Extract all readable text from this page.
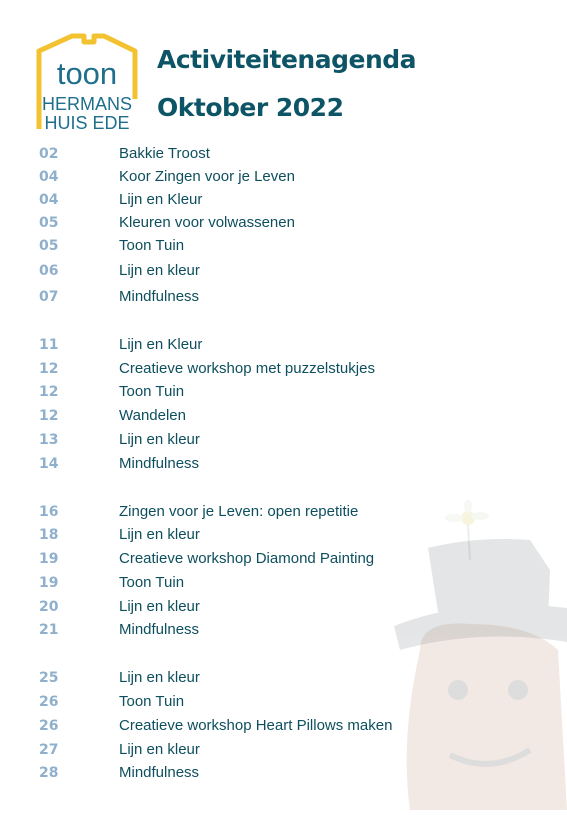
toon
HERMANS
HUIS EDE
Activiteitenagenda
Oktober 2022
02	Bakkie Troost
04	Koor Zingen voor je Leven
04	Lijn en Kleur
05	Kleuren voor volwassenen
05	Toon Tuin
06	Lijn en kleur
07	Mindfulness
11	Lijn en Kleur
12	Creatieve workshop met puzzelstukjes
12	Toon Tuin
12	Wandelen
13	Lijn en kleur
14	Mindfulness
16	Zingen voor je Leven: open repetitie
18	Lijn en kleur
19	Creatieve workshop Diamond Painting
19	Toon Tuin
20	Lijn en kleur
21	Mindfulness
25	Lijn en kleur
26	Toon Tuin
26	Creatieve workshop Heart Pillows maken
27	Lijn en kleur
28	Mindfulness
